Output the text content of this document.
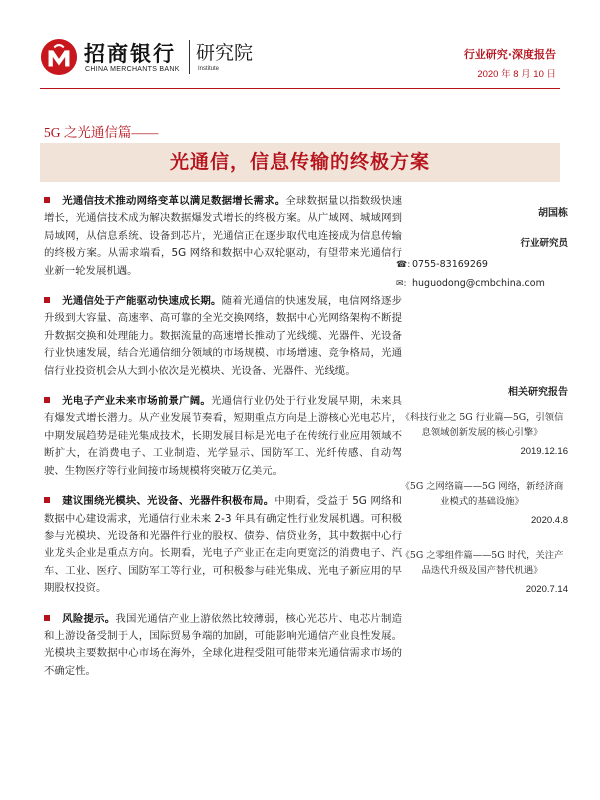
招商银行
CHINA MERCHANTS BANK
研究院
Institute
行业研究·深度报告
2020 年 8 月 10 日
5G 之光通信篇——
光通信，信息传输的终极方案

光通信技术推动网络变革以满足数据增长需求。全球数据量以指数级快速增长，光通信技术成为解决数据爆发式增长的终极方案。从广域网、城域网到局域网，从信息系统、设备到芯片，光通信正在逐步取代电连接成为信息传输的终极方案。从需求端看，5G 网络和数据中心双轮驱动，有望带来光通信行业新一轮发展机遇。

光通信处于产能驱动快速成长期。随着光通信的快速发展，电信网络逐步升级到大容量、高速率、高可靠的全光交换网络，数据中心光网络架构不断提升数据交换和处理能力。数据流量的高速增长推动了光线缆、光器件、光设备行业快速发展，结合光通信细分领域的市场规模、市场增速、竞争格局，光通信行业投资机会从大到小依次是光模块、光设备、光器件、光线缆。

光电子产业未来市场前景广阔。光通信行业仍处于行业发展早期，未来具有爆发式增长潜力。从产业发展节奏看，短期重点方向是上游核心光电芯片，中期发展趋势是硅光集成技术，长期发展目标是光电子在传统行业应用领域不断扩大，在消费电子、工业制造、光学显示、国防军工、光纤传感、自动驾驶、生物医疗等行业间接市场规模将突破万亿美元。

建议围绕光模块、光设备、光器件积极布局。中期看，受益于 5G 网络和数据中心建设需求，光通信行业未来 2-3 年具有确定性行业发展机遇。可积极参与光模块、光设备和光器件行业的股权、债券、信贷业务，其中数据中心行业龙头企业是重点方向。长期看，光电子产业正在走向更宽泛的消费电子、汽车、工业、医疗、国防军工等行业，可积极参与硅光集成、光电子新应用的早期股权投资。

风险提示。我国光通信产业上游依然比较薄弱，核心光芯片、电芯片制造和上游设备受制于人，国际贸易争端的加剧，可能影响光通信产业良性发展。光模块主要数据中心市场在海外，全球化进程受阻可能带来光通信需求市场的不确定性。

胡国栋
行业研究员
☎: 0755-83169269
✉: huguodong@cmbchina.com
相关研究报告
《科技行业之 5G 行业篇—5G，引领信息领域创新发展的核心引擎》
2019.12.16
《5G 之网络篇——5G 网络，新经济商业模式的基础设施》
2020.4.8
《5G 之零组件篇——5G 时代，关注产品迭代升级及国产替代机遇》
2020.7.14
